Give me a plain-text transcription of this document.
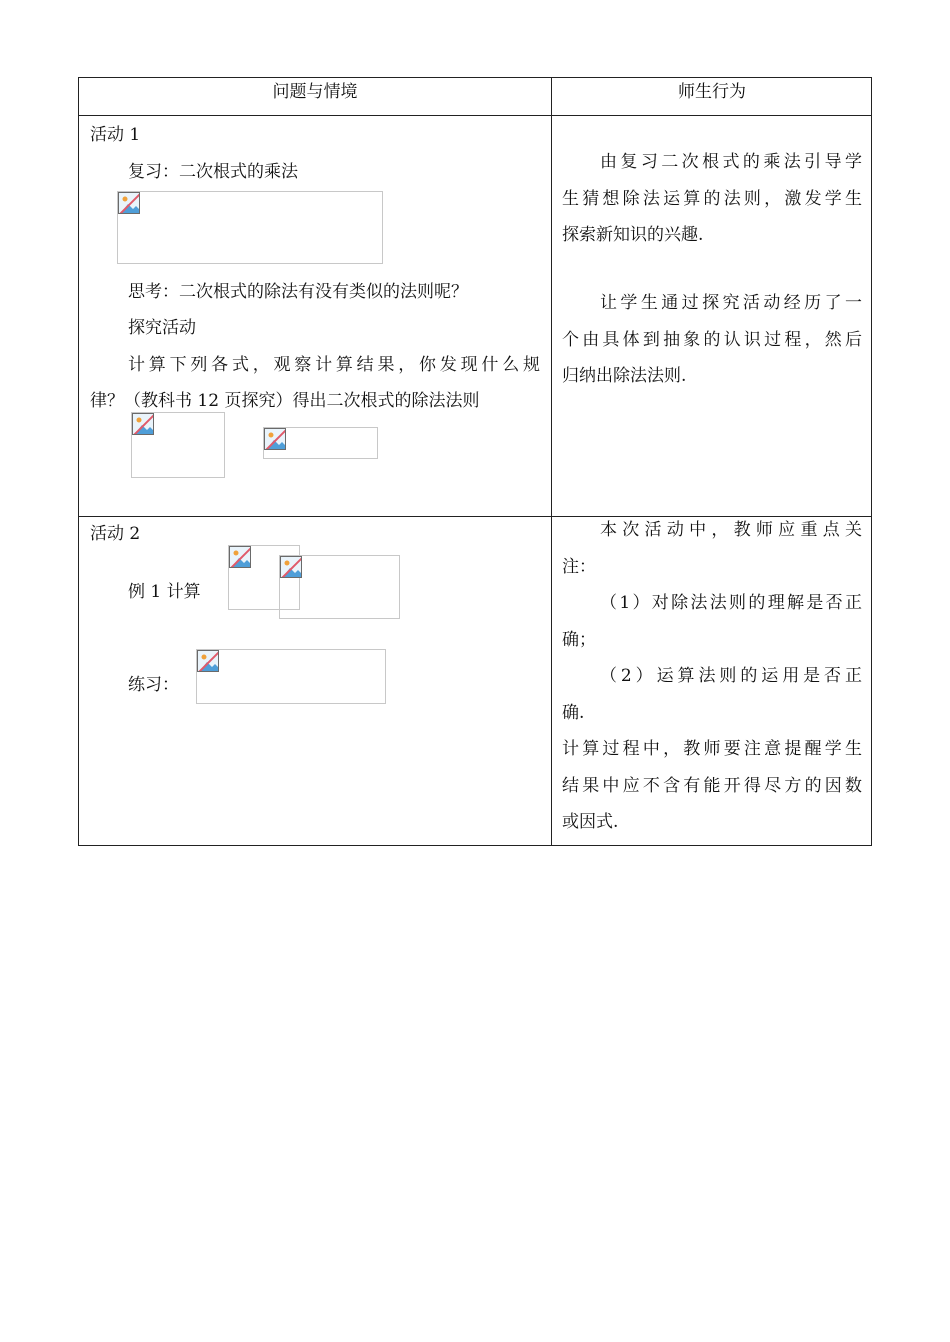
问题与情境	师生行为
活动 1
复习：二次根式的乘法
思考：二次根式的除法有没有类似的法则呢？
探究活动
计算下列各式，观察计算结果，你发现什么规
律？（教科书 12 页探究）得出二次根式的除法法则
由复习二次根式的乘法引导学
生猜想除法运算的法则，激发学生
探索新知识的兴趣.
让学生通过探究活动经历了一
个由具体到抽象的认识过程，然后
归纳出除法法则.
活动 2
例 1 计算
练习：
本次活动中，教师应重点关
注：
（1）对除法法则的理解是否正
确；
（2）运算法则的运用是否正
确.
计算过程中，教师要注意提醒学生
结果中应不含有能开得尽方的因数
或因式.
